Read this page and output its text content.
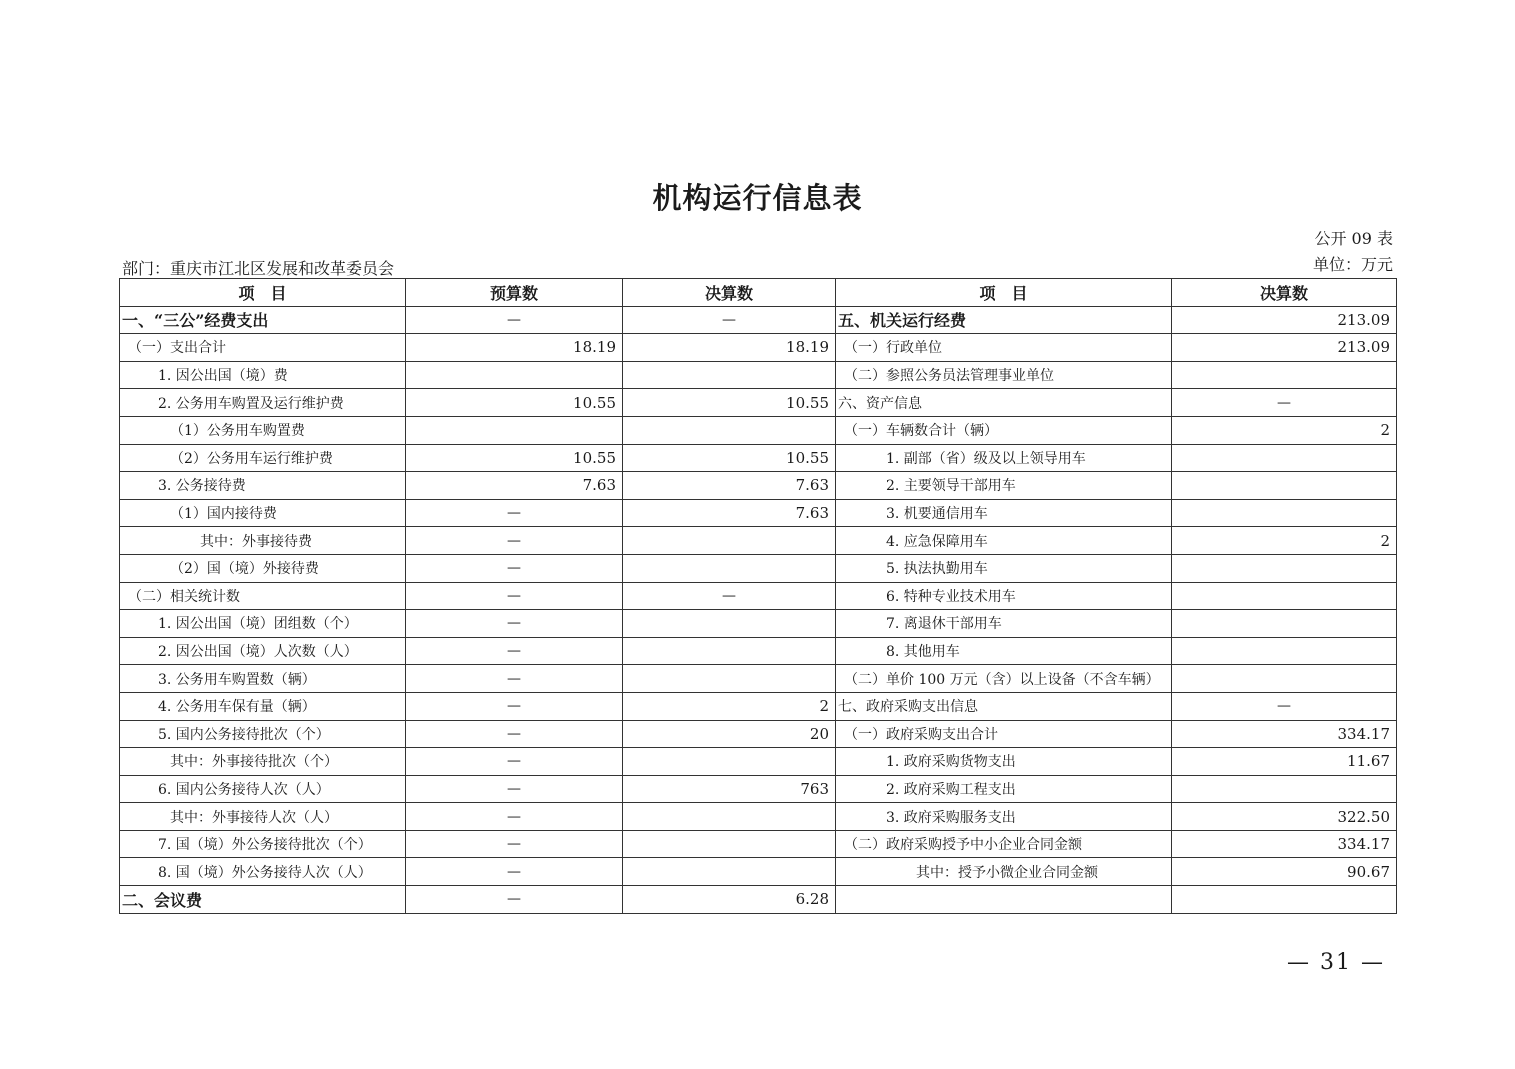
机构运行信息表
公开 09 表
单位：万元
部门：重庆市江北区发展和改革委员会
项　目	预算数	决算数	项　目	决算数
一、“三公”经费支出	—	—	五、机关运行经费	213.09
（一）支出合计	18.19	18.19	（一）行政单位	213.09
1. 因公出国（境）费			（二）参照公务员法管理事业单位	
2. 公务用车购置及运行维护费	10.55	10.55	六、资产信息	—
（1）公务用车购置费			（一）车辆数合计（辆）	2
（2）公务用车运行维护费	10.55	10.55	1. 副部（省）级及以上领导用车	
3. 公务接待费	7.63	7.63	2. 主要领导干部用车	
（1）国内接待费	—	7.63	3. 机要通信用车	
其中：外事接待费	—		4. 应急保障用车	2
（2）国（境）外接待费	—		5. 执法执勤用车	
（二）相关统计数	—	—	6. 特种专业技术用车	
1. 因公出国（境）团组数（个）	—		7. 离退休干部用车	
2. 因公出国（境）人次数（人）	—		8. 其他用车	
3. 公务用车购置数（辆）	—		（二）单价 100 万元（含）以上设备（不含车辆）	
4. 公务用车保有量（辆）	—	2	七、政府采购支出信息	—
5. 国内公务接待批次（个）	—	20	（一）政府采购支出合计	334.17
其中：外事接待批次（个）	—		1. 政府采购货物支出	11.67
6. 国内公务接待人次（人）	—	763	2. 政府采购工程支出	
其中：外事接待人次（人）	—		3. 政府采购服务支出	322.50
7. 国（境）外公务接待批次（个）	—		（二）政府采购授予中小企业合同金额	334.17
8. 国（境）外公务接待人次（人）	—		其中：授予小微企业合同金额	90.67
二、会议费	—	6.28		
— 31 —
